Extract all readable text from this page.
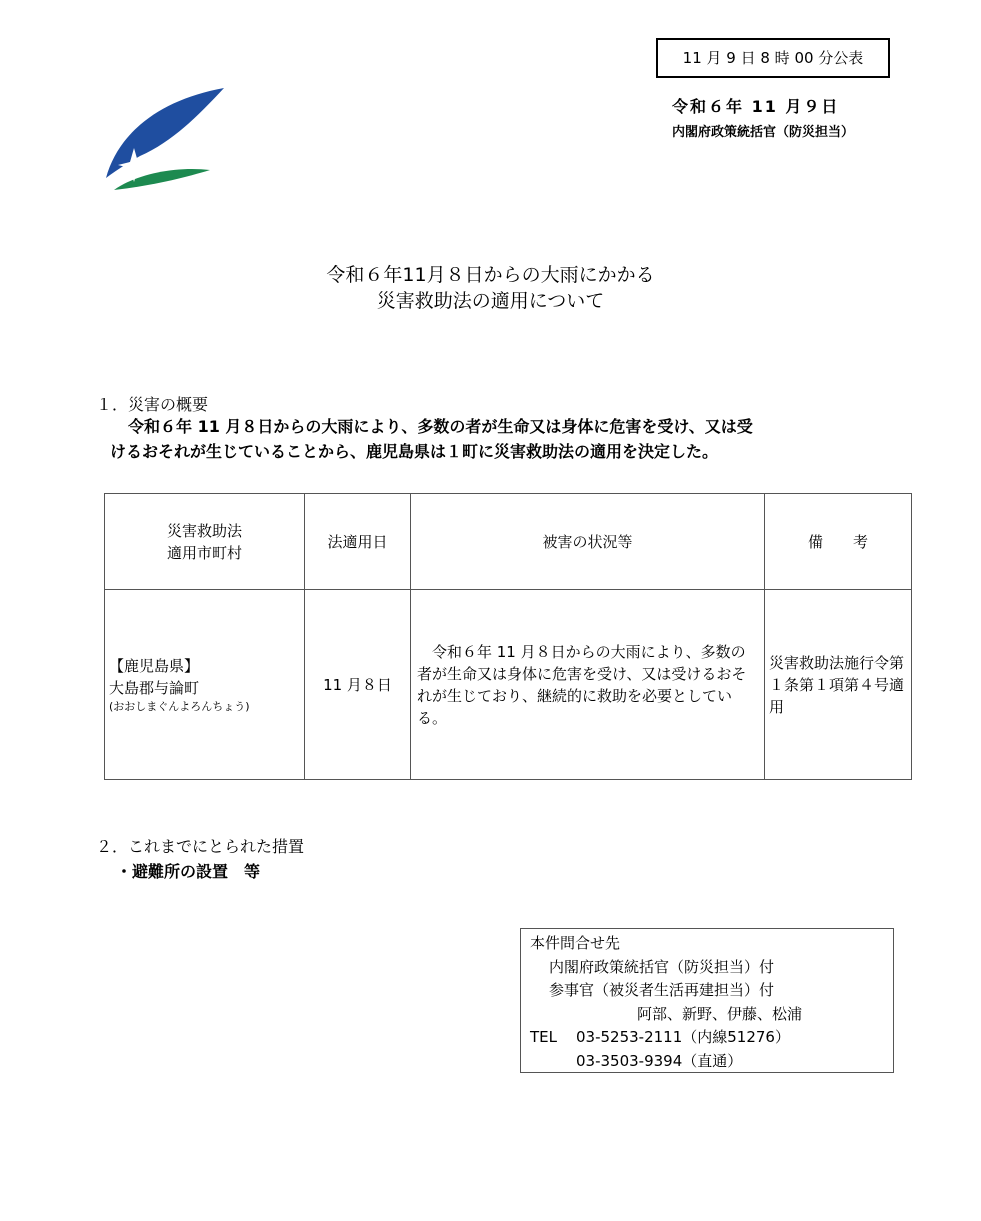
11 月 9 日 8 時 00 分公表
令和６年 11 月９日
内閣府政策統括官（防災担当）
令和６年11月８日からの大雨にかかる
災害救助法の適用について
１．災害の概要
令和６年 11 月８日からの大雨により、多数の者が生命又は身体に危害を受け、又は受
けるおそれが生じていることから、鹿児島県は１町に災害救助法の適用を決定した。
災害救助法
適用市町村	法適用日	被害の状況等	備　　考

【鹿児島県】
大島郡与論町
(おおしまぐんよろんちょう)	11 月８日	令和６年 11 月８日からの大雨により、多数の者が生命又は身体に危害を受け、又は受けるおそれが生じており、継続的に救助を必要としている。	災害救助法施行令第１条第１項第４号適用
２．これまでにとられた措置
・避難所の設置　等
本件問合せ先
内閣府政策統括官（防災担当）付
参事官（被災者生活再建担当）付
阿部、新野、伊藤、松浦
TEL 03-5253-2111（内線51276）
03-3503-9394（直通）
